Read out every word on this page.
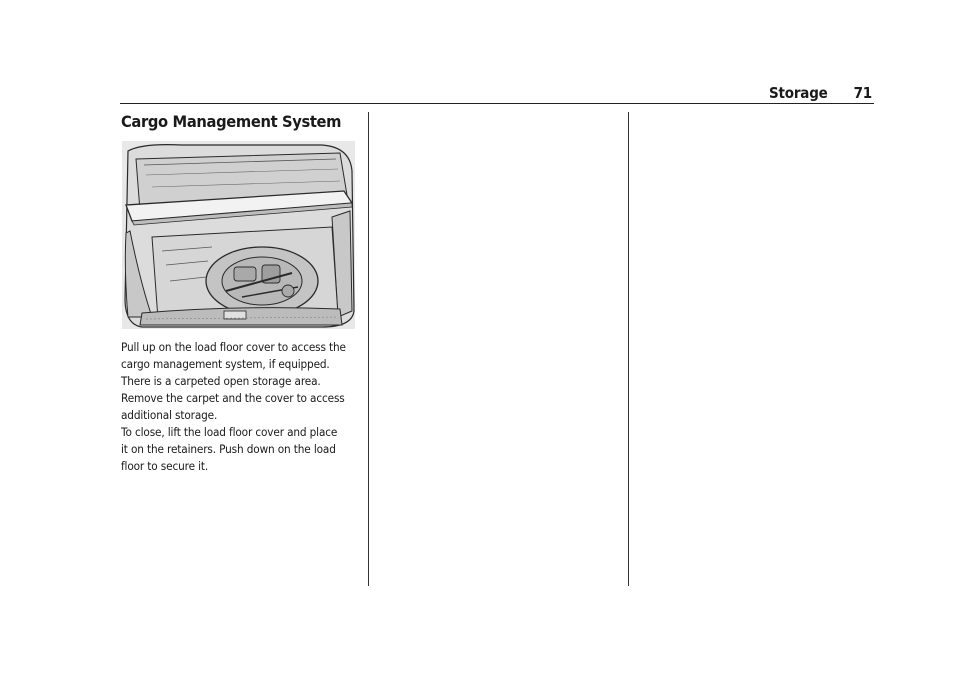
Storage 71
Cargo Management System

Pull up on the load floor cover to access the cargo management system, if equipped. There is a carpeted open storage area. Remove the carpet and the cover to access additional storage.

To close, lift the load floor cover and place it on the retainers. Push down on the load floor to secure it.
